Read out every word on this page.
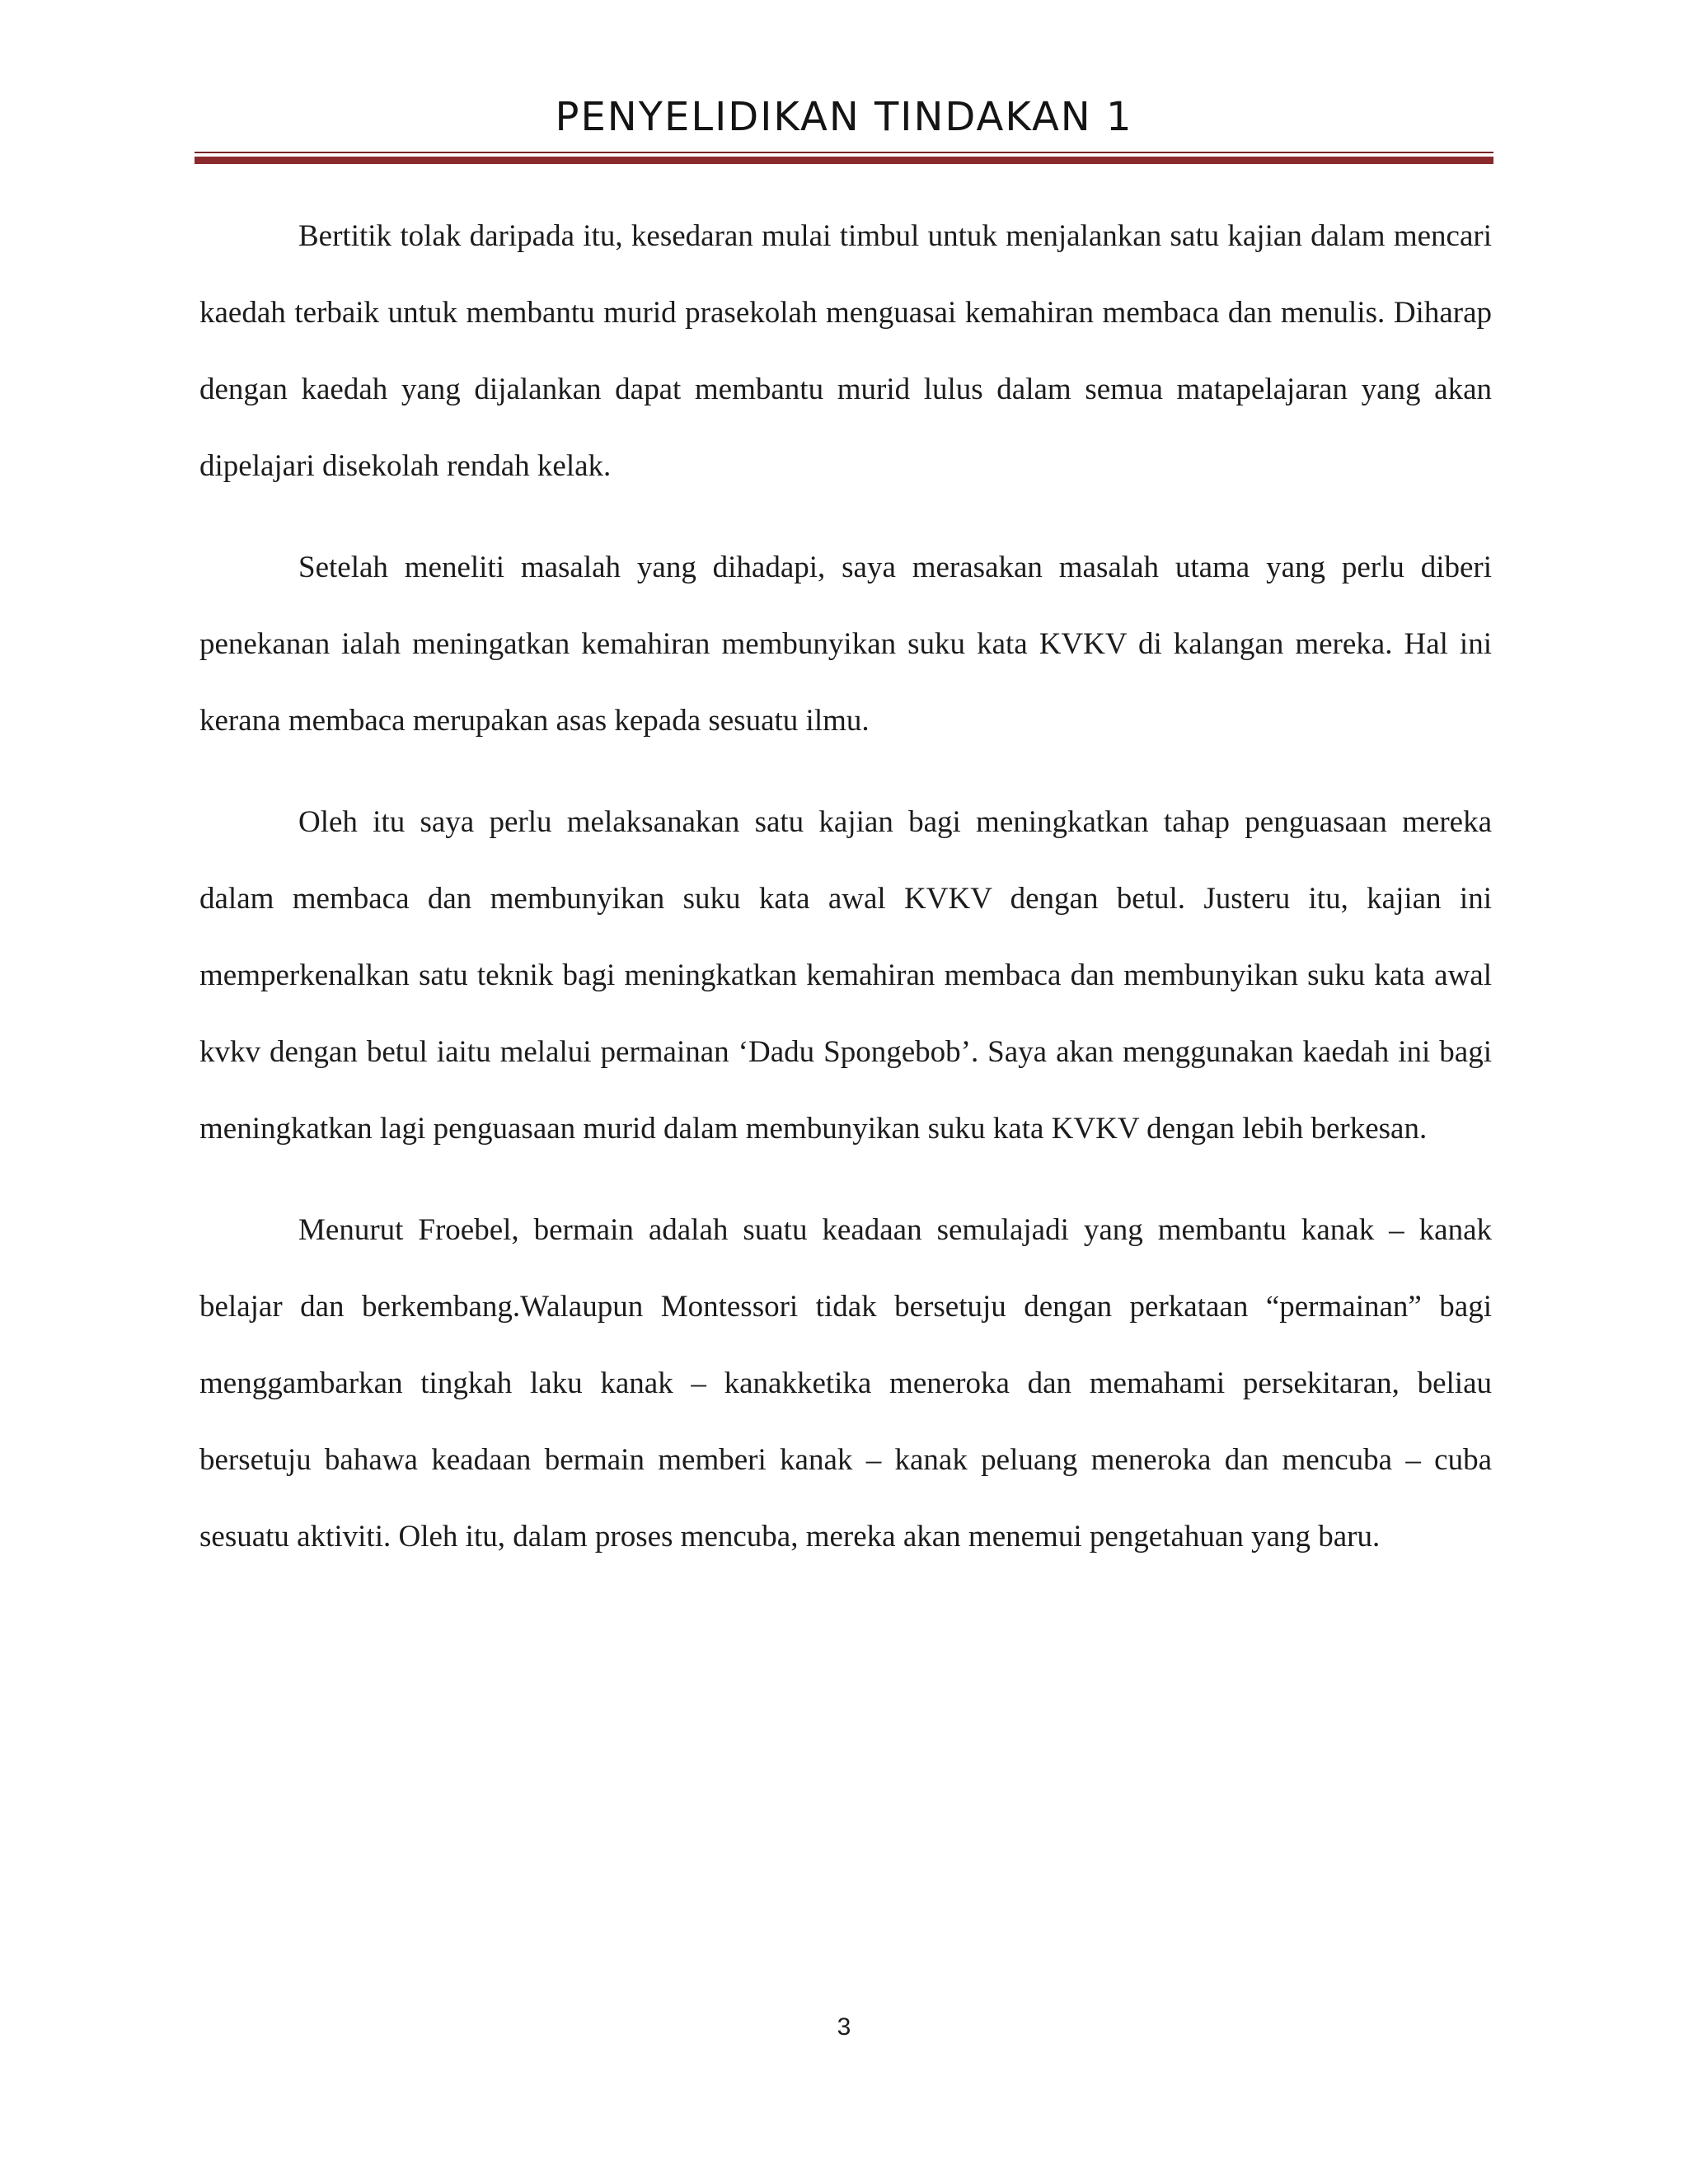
PENYELIDIKAN TINDAKAN 1

Bertitik tolak daripada itu, kesedaran mulai timbul untuk menjalankan satu kajian dalam mencari kaedah terbaik untuk membantu murid prasekolah menguasai kemahiran membaca dan menulis. Diharap dengan kaedah yang dijalankan dapat membantu murid lulus dalam semua matapelajaran yang akan dipelajari disekolah rendah kelak.

Setelah meneliti masalah yang dihadapi, saya merasakan masalah utama yang perlu diberi penekanan ialah meningatkan kemahiran membunyikan suku kata KVKV di kalangan mereka. Hal ini kerana membaca merupakan asas kepada sesuatu ilmu.

Oleh itu saya perlu melaksanakan satu kajian bagi meningkatkan tahap penguasaan mereka dalam membaca dan membunyikan suku kata awal KVKV dengan betul. Justeru itu, kajian ini memperkenalkan satu teknik bagi meningkatkan kemahiran membaca dan membunyikan suku kata awal kvkv dengan betul iaitu melalui permainan ‘Dadu Spongebob’. Saya akan menggunakan kaedah ini bagi meningkatkan lagi penguasaan murid dalam membunyikan suku kata KVKV dengan lebih berkesan.

Menurut Froebel, bermain adalah suatu keadaan semulajadi yang membantu kanak – kanak belajar dan berkembang.Walaupun Montessori tidak bersetuju dengan perkataan “permainan” bagi menggambarkan tingkah laku kanak – kanakketika meneroka dan memahami persekitaran, beliau bersetuju bahawa keadaan bermain memberi kanak – kanak peluang meneroka dan mencuba – cuba sesuatu aktiviti. Oleh itu, dalam proses mencuba, mereka akan menemui pengetahuan yang baru.

3
